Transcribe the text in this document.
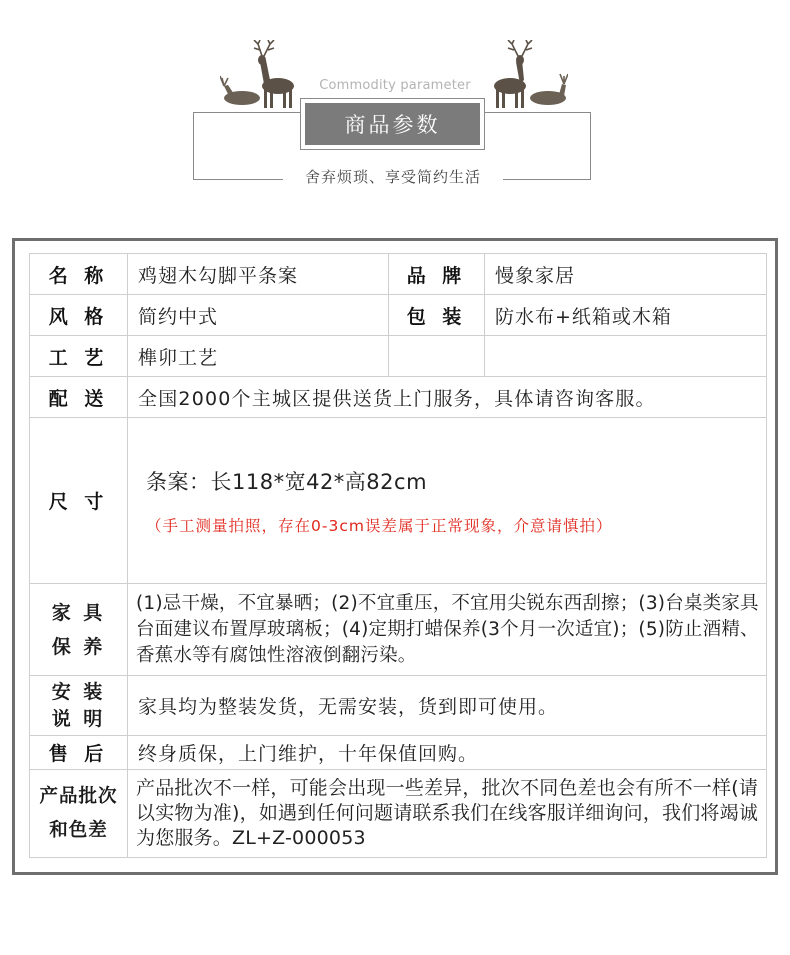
Commodity parameter
商品参数
舍弃烦琐、享受简约生活
名 称	鸡翅木勾脚平条案	品 牌	慢象家居
风 格	简约中式	包 装	防水布+纸箱或木箱
工 艺	榫卯工艺		
配 送	全国2000个主城区提供送货上门服务，具体请咨询客服。		
尺 寸	条案：长118*宽42*高82cm
（手工测量拍照，存在0-3cm误差属于正常现象，介意请慎拍）		

家 具
保 养	(1)忌干燥，不宜暴晒；(2)不宜重压，不宜用尖锐东西刮擦；(3)台桌类家具台面建议布置厚玻璃板；(4)定期打蜡保养(3个月一次适宜)；(5)防止酒精、香蕉水等有腐蚀性溶液倒翻污染。		

安 装
说 明	家具均为整装发货，无需安装，货到即可使用。		
售 后	终身质保，上门维护，十年保值回购。		

产品批次
和色差	产品批次不一样，可能会出现一些差异，批次不同色差也会有所不一样(请以实物为准)，如遇到任何问题请联系我们在线客服详细询问，我们将竭诚为您服务。ZL+Z-000053		
